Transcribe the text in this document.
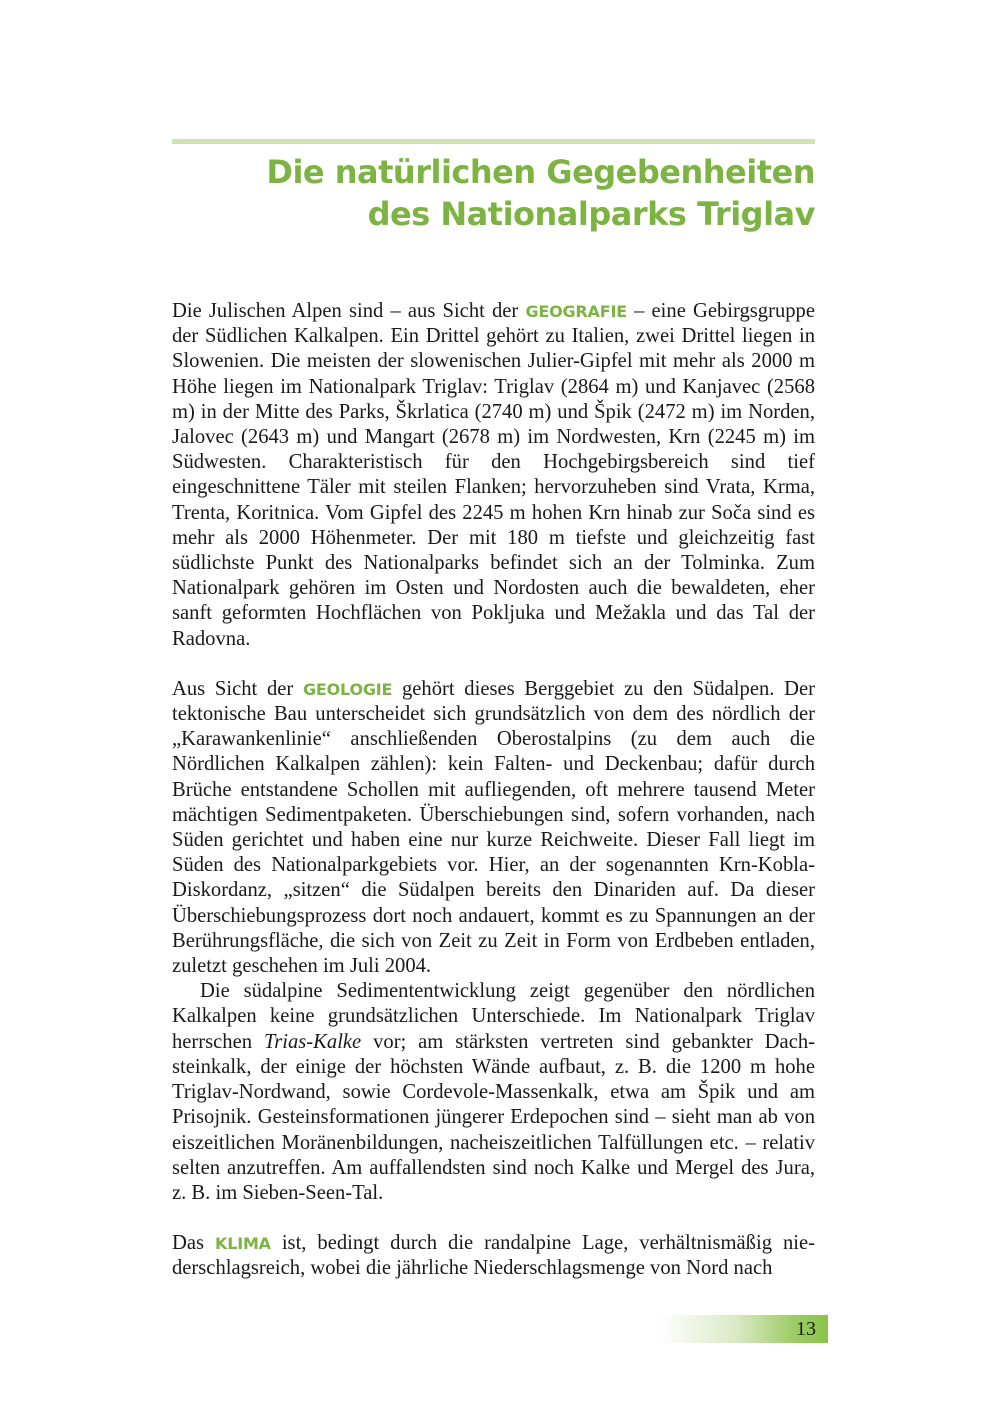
Die natürlichen Gegebenheiten
des Nationalparks Triglav

Die Julischen Alpen sind – aus Sicht der GEOGRAFIE – eine Gebirgsgruppe der Südlichen Kalkalpen. Ein Drittel gehört zu Italien, zwei Drittel liegen in Slowenien. Die meisten der slowenischen Julier-Gipfel mit mehr als 2000 m Höhe liegen im Nationalpark Triglav: Triglav (2864 m) und Kanjavec (2568 m) in der Mitte des Parks, Škrlatica (2740 m) und Špik (2472 m) im Norden, Jalovec (2643 m) und Mangart (2678 m) im Nordwesten, Krn (2245 m) im Südwesten. Charakteristisch für den Hochgebirgsbereich sind tief eingeschnittene Täler mit steilen Flanken; hervorzuheben sind Vrata, Krma, Trenta, Koritnica. Vom Gipfel des 2245 m hohen Krn hinab zur Soča sind es mehr als 2000 Höhenmeter. Der mit 180 m tiefste und gleichzeitig fast südlichste Punkt des Nationalparks befindet sich an der Tolminka. Zum Nationalpark gehören im Osten und Nordosten auch die bewaldeten, eher sanft geformten Hochflächen von Pokljuka und Mežakla und das Tal der Radovna.

Aus Sicht der GEOLOGIE gehört dieses Berggebiet zu den Südalpen. Der tektonische Bau unterscheidet sich grundsätzlich von dem des nördlich der „Karawankenlinie“ anschließenden Oberostalpins (zu dem auch die Nördlichen Kalkalpen zählen): kein Falten- und Deckenbau; dafür durch Brüche entstandene Schollen mit aufliegenden, oft mehrere tausend Meter mächtigen Sedimentpaketen. Überschiebungen sind, sofern vorhanden, nach Süden gerichtet und haben eine nur kurze Reichweite. Dieser Fall liegt im Süden des Nationalparkgebiets vor. Hier, an der sogenannten Krn-Kobla-Diskordanz, „sitzen“ die Südalpen bereits den Dinariden auf. Da dieser Überschiebungsprozess dort noch andauert, kommt es zu Spannungen an der Berührungsfläche, die sich von Zeit zu Zeit in Form von Erdbeben entladen, zuletzt geschehen im Juli 2004.

Die südalpine Sedimententwicklung zeigt gegenüber den nördlichen Kalkalpen keine grundsätzlichen Unterschiede. Im Nationalpark Triglav herrschen Trias-Kalke vor; am stärksten vertreten sind gebankter Dachsteinkalk, der einige der höchsten Wände aufbaut, z. B. die 1200 m hohe Triglav-Nordwand, sowie Cordevole-Massenkalk, etwa am Špik und am Prisojnik. Gesteinsformationen jüngerer Erdepochen sind – sieht man ab von eiszeitlichen Moränenbildungen, nacheiszeitlichen Talfüllungen etc. – relativ selten anzutreffen. Am auffallendsten sind noch Kalke und Mergel des Jura, z. B. im Sieben-Seen-Tal.

Das KLIMA ist, bedingt durch die randalpine Lage, verhältnismäßig niederschlagsreich, wobei die jährliche Niederschlagsmenge von Nord nach

13
